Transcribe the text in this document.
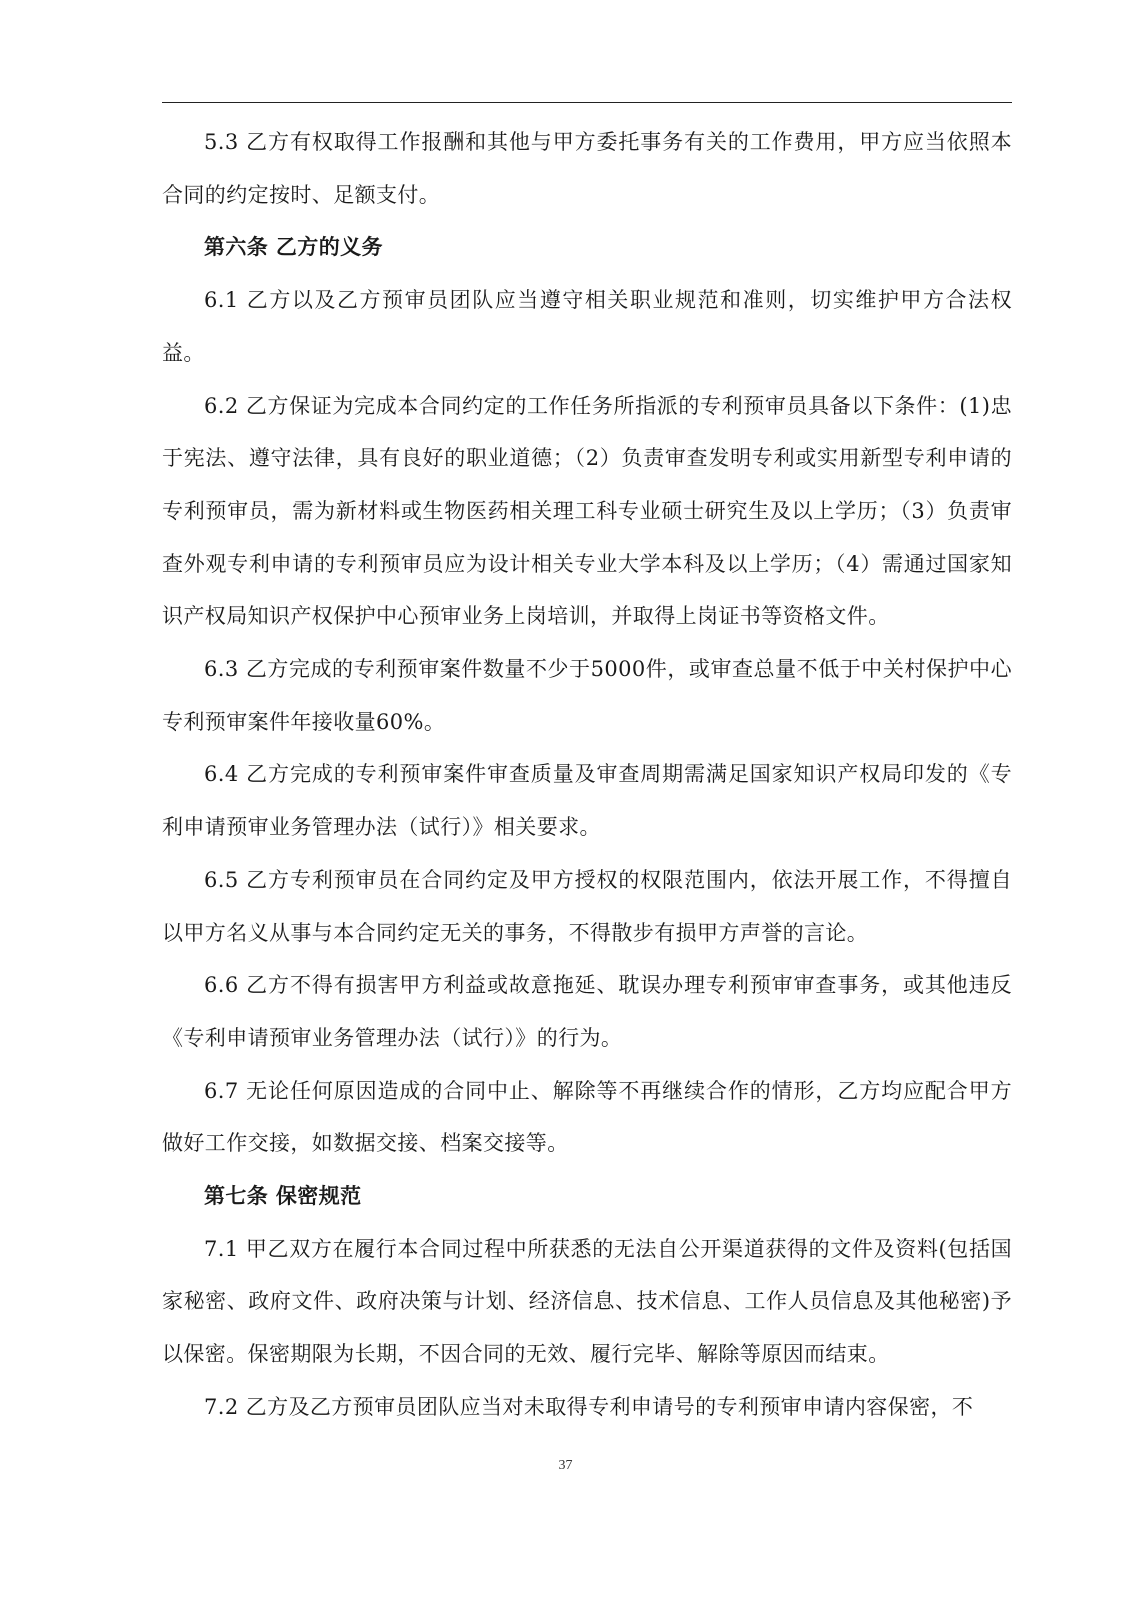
5.3 乙方有权取得工作报酬和其他与甲方委托事务有关的工作费用，甲方应当依照本合同的约定按时、足额支付。

第六条 乙方的义务

6.1 乙方以及乙方预审员团队应当遵守相关职业规范和准则，切实维护甲方合法权益。

6.2 乙方保证为完成本合同约定的工作任务所指派的专利预审员具备以下条件：(1)忠于宪法、遵守法律，具有良好的职业道德；（2）负责审查发明专利或实用新型专利申请的专利预审员，需为新材料或生物医药相关理工科专业硕士研究生及以上学历；（3）负责审查外观专利申请的专利预审员应为设计相关专业大学本科及以上学历；（4）需通过国家知识产权局知识产权保护中心预审业务上岗培训，并取得上岗证书等资格文件。

6.3 乙方完成的专利预审案件数量不少于5000件，或审查总量不低于中关村保护中心专利预审案件年接收量60%。

6.4 乙方完成的专利预审案件审查质量及审查周期需满足国家知识产权局印发的《专利申请预审业务管理办法（试行）》相关要求。

6.5 乙方专利预审员在合同约定及甲方授权的权限范围内，依法开展工作，不得擅自以甲方名义从事与本合同约定无关的事务，不得散步有损甲方声誉的言论。

6.6 乙方不得有损害甲方利益或故意拖延、耽误办理专利预审审查事务，或其他违反《专利申请预审业务管理办法（试行）》的行为。

6.7 无论任何原因造成的合同中止、解除等不再继续合作的情形，乙方均应配合甲方做好工作交接，如数据交接、档案交接等。

第七条 保密规范

7.1 甲乙双方在履行本合同过程中所获悉的无法自公开渠道获得的文件及资料(包括国家秘密、政府文件、政府决策与计划、经济信息、技术信息、工作人员信息及其他秘密)予以保密。保密期限为长期，不因合同的无效、履行完毕、解除等原因而结束。

7.2 乙方及乙方预审员团队应当对未取得专利申请号的专利预审申请内容保密，不

37
